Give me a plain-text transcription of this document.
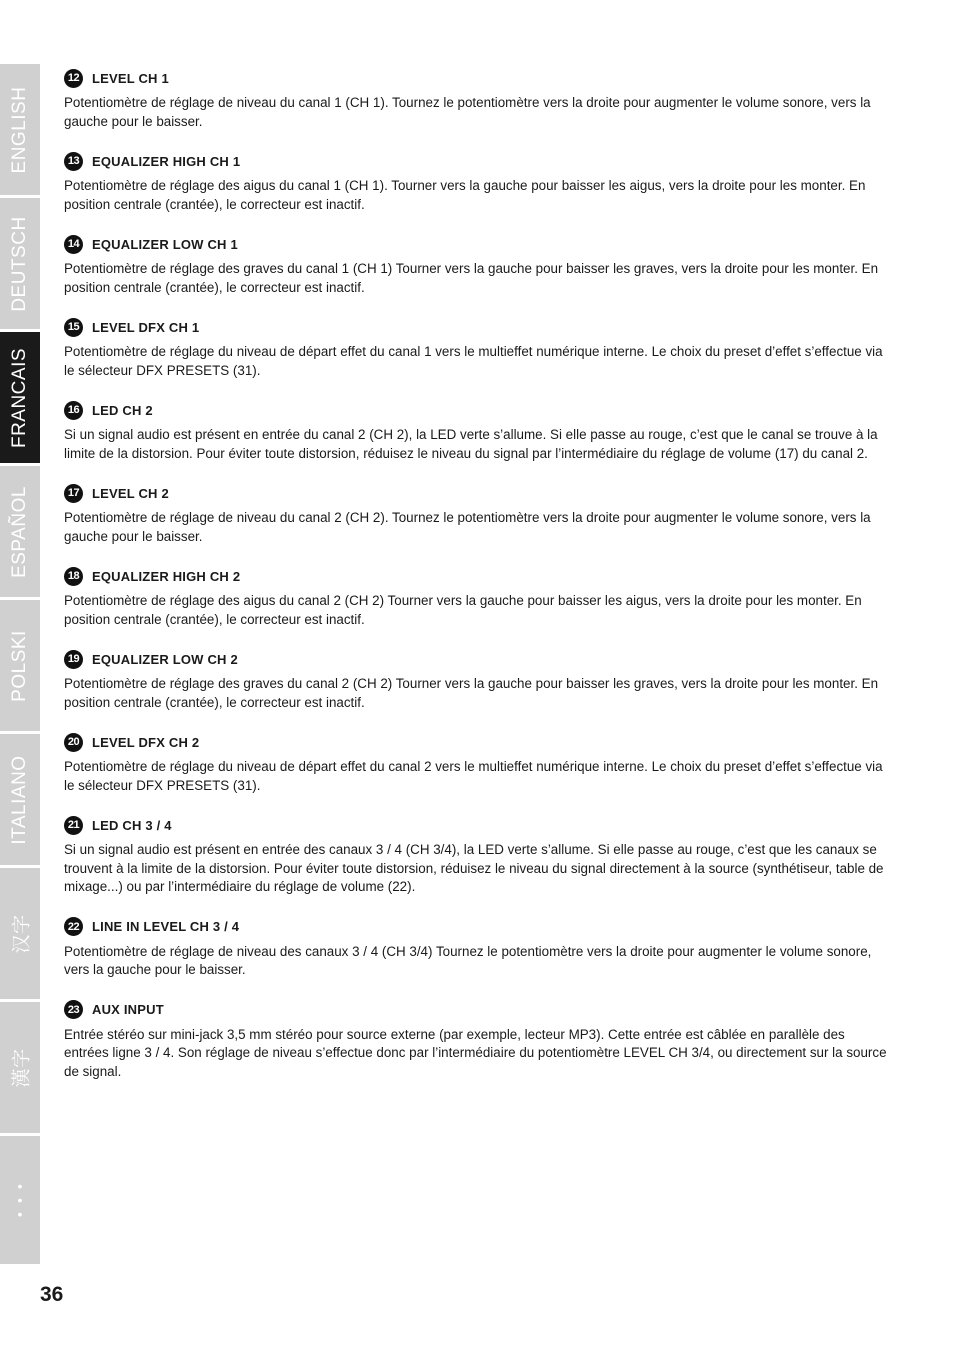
ENGLISH
DEUTSCH
FRANCAIS
ESPAÑOL
POLSKI
ITALIANO
汉字
漢字
•
•
•
12 LEVEL CH 1

Potentiomètre de réglage de niveau du canal 1 (CH 1). Tournez le potentiomètre vers la droite pour augmenter le volume sonore, vers la gauche pour le baisser.

13 EQUALIZER HIGH CH 1

Potentiomètre de réglage des aigus du canal 1 (CH 1). Tourner vers la gauche pour baisser les aigus, vers la droite pour les monter. En position centrale (crantée), le correcteur est inactif.

14 EQUALIZER LOW CH 1

Potentiomètre de réglage des graves du canal 1 (CH 1) Tourner vers la gauche pour baisser les graves, vers la droite pour les monter. En position centrale (crantée), le correcteur est inactif.

15 LEVEL DFX CH 1

Potentiomètre de réglage du niveau de départ effet du canal 1 vers le multieffet numérique interne. Le choix du preset d’effet s’effectue via le sélecteur DFX PRESETS (31).

16 LED CH 2

Si un signal audio est présent en entrée du canal 2 (CH 2), la LED verte s’allume. Si elle passe au rouge, c’est que le canal se trouve à la limite de la distorsion. Pour éviter toute distorsion, réduisez le niveau du signal par l’intermédiaire du réglage de volume (17) du canal 2.

17 LEVEL CH 2

Potentiomètre de réglage de niveau du canal 2 (CH 2). Tournez le potentiomètre vers la droite pour augmenter le volume sonore, vers la gauche pour le baisser.

18 EQUALIZER HIGH CH 2

Potentiomètre de réglage des aigus du canal 2 (CH 2) Tourner vers la gauche pour baisser les aigus, vers la droite pour les monter. En position centrale (crantée), le correcteur est inactif.

19 EQUALIZER LOW CH 2

Potentiomètre de réglage des graves du canal 2 (CH 2) Tourner vers la gauche pour baisser les graves, vers la droite pour les monter. En position centrale (crantée), le correcteur est inactif.

20 LEVEL DFX CH 2

Potentiomètre de réglage du niveau de départ effet du canal 2 vers le multieffet numérique interne. Le choix du preset d’effet s’effectue via le sélecteur DFX PRESETS (31).

21 LED CH 3 / 4

Si un signal audio est présent en entrée des canaux 3 / 4 (CH 3/4), la LED verte s’allume. Si elle passe au rouge, c’est que les canaux se trouvent à la limite de la distorsion. Pour éviter toute distorsion, réduisez le niveau du signal directement à la source (synthétiseur, table de mixage...) ou par l’intermédiaire du réglage de volume (22).

22 LINE IN LEVEL CH 3 / 4

Potentiomètre de réglage de niveau des canaux 3 / 4 (CH 3/4) Tournez le potentiomètre vers la droite pour augmenter le volume sonore, vers la gauche pour le baisser.

23 AUX INPUT

Entrée stéréo sur mini-jack 3,5 mm stéréo pour source externe (par exemple, lecteur MP3). Cette entrée est câblée en parallèle des entrées ligne 3 / 4. Son réglage de niveau s’effectue donc par l’intermédiaire du potentiomètre LEVEL CH 3/4, ou directement sur la source de signal.

36
